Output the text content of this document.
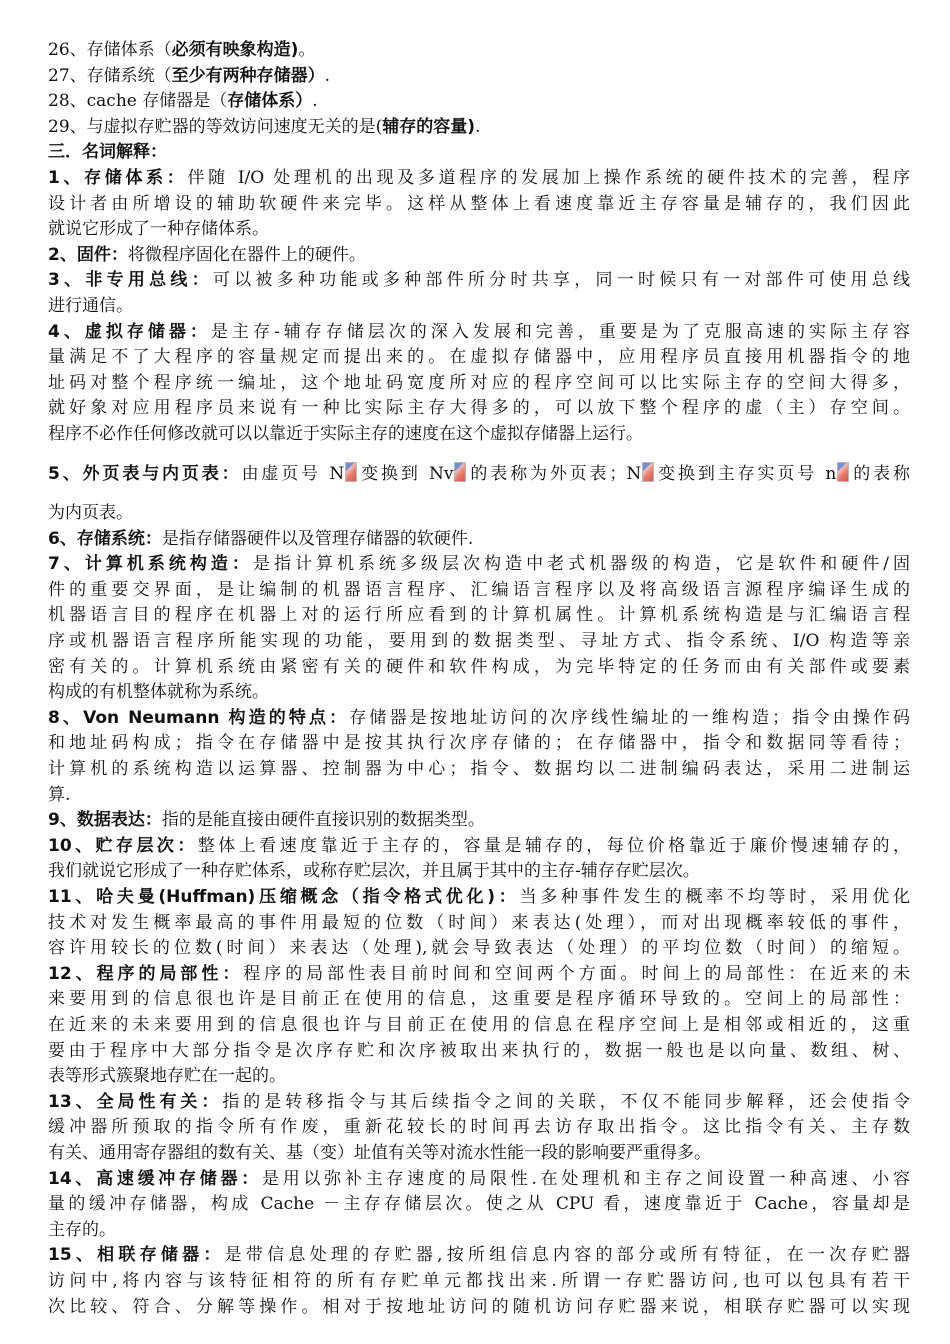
26、存储体系（必须有映象构造)。
27、存储系统（至少有两种存储器）.
28、cache 存储器是（存储体系）.
29、与虚拟存贮器的等效访问速度无关的是(辅存的容量).
三．名词解释：
1、存储体系：伴随 I/O 处理机的出现及多道程序的发展加上操作系统的硬件技术的完善，程序
设计者由所增设的辅助软硬件来完毕。这样从整体上看速度靠近主存容量是辅存的，我们因此
就说它形成了一种存储体系。
2、固件：将微程序固化在器件上的硬件。
3、非专用总线：可以被多种功能或多种部件所分时共享，同一时候只有一对部件可使用总线
进行通信。
4、虚拟存储器：是主存-辅存存储层次的深入发展和完善，重要是为了克服高速的实际主存容
量满足不了大程序的容量规定而提出来的。在虚拟存储器中，应用程序员直接用机器指令的地
址码对整个程序统一编址，这个地址码宽度所对应的程序空间可以比实际主存的空间大得多，
就好象对应用程序员来说有一种比实际主存大得多的，可以放下整个程序的虚（主）存空间。
程序不必作任何修改就可以以靠近于实际主存的速度在这个虚拟存储器上运行。
5、外页表与内页表：由虚页号 N 变换到 Nv 的表称为外页表；N 变换到主存实页号 n 的表称
为内页表。
6、存储系统：是指存储器硬件以及管理存储器的软硬件.
7、计算机系统构造：是指计算机系统多级层次构造中老式机器级的构造，它是软件和硬件/固
件的重要交界面，是让编制的机器语言程序、汇编语言程序以及将高级语言源程序编译生成的
机器语言目的程序在机器上对的运行所应看到的计算机属性。计算机系统构造是与汇编语言程
序或机器语言程序所能实现的功能，要用到的数据类型、寻址方式、指令系统、I/O 构造等亲
密有关的。计算机系统由紧密有关的硬件和软件构成，为完毕特定的任务而由有关部件或要素
构成的有机整体就称为系统。
8、Von Neumann 构造的特点：存储器是按地址访问的次序线性编址的一维构造；指令由操作码
和地址码构成；指令在存储器中是按其执行次序存储的；在存储器中，指令和数据同等看待；
计算机的系统构造以运算器、控制器为中心；指令、数据均以二进制编码表达，采用二进制运
算.
9、数据表达：指的是能直接由硬件直接识别的数据类型。
10、贮存层次：整体上看速度靠近于主存的，容量是辅存的，每位价格靠近于廉价慢速辅存的，
我们就说它形成了一种存贮体系，或称存贮层次，并且属于其中的主存-辅存存贮层次。
11、哈夫曼(Huffman)压缩概念（指令格式优化)：当多种事件发生的概率不均等时，采用优化
技术对发生概率最高的事件用最短的位数（时间）来表达(处理），而对出现概率较低的事件，
容许用较长的位数(时间）来表达（处理),就会导致表达（处理）的平均位数（时间）的缩短。
12、程序的局部性：程序的局部性表目前时间和空间两个方面。时间上的局部性：在近来的未
来要用到的信息很也许是目前正在使用的信息，这重要是程序循环导致的。空间上的局部性：
在近来的未来要用到的信息很也许与目前正在使用的信息在程序空间上是相邻或相近的，这重
要由于程序中大部分指令是次序存贮和次序被取出来执行的，数据一般也是以向量、数组、树、
表等形式簇聚地存贮在一起的。
13、全局性有关：指的是转移指令与其后续指令之间的关联，不仅不能同步解释，还会使指令
缓冲器所预取的指令所有作废，重新花较长的时间再去访存取出指令。这比指令有关、主存数
有关、通用寄存器组的数有关、基（变）址值有关等对流水性能一段的影响要严重得多。
14、高速缓冲存储器：是用以弥补主存速度的局限性.在处理机和主存之间设置一种高速、小容
量的缓冲存储器，构成 Cache －主存存储层次。使之从 CPU 看，速度靠近于 Cache，容量却是
主存的。
15、相联存储器：是带信息处理的存贮器,按所组信息内容的部分或所有特征，在一次存贮器
访问中,将内容与该特征相符的所有存贮单元都找出来.所谓一存贮器访问,也可以包具有若干
次比较、符合、分解等操作。相对于按地址访问的随机访问存贮器来说，相联存贮器可以实现
